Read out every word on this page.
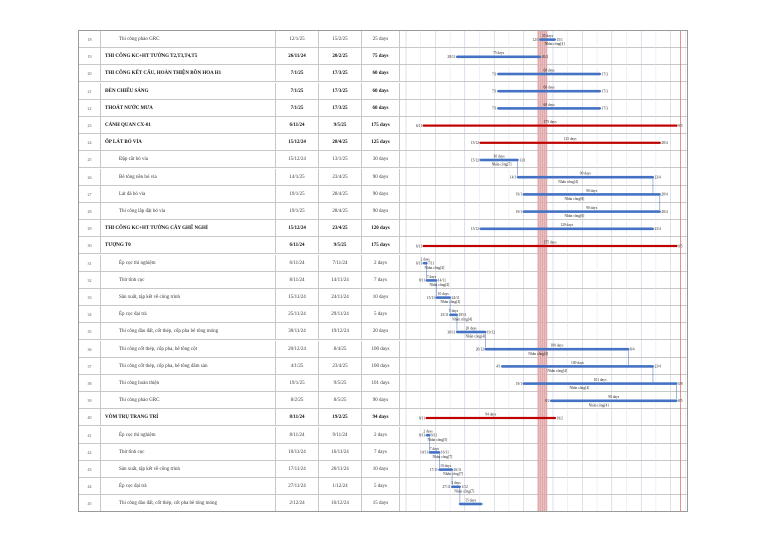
18	Thi công phào GRC	12/1/25	15/2/25	25 days
19	THI CÔNG KC+HT TƯỜNG T2,T3,T4,T5	26/11/24	20/2/25	75 days
20	THI CÔNG KẾT CẤU, HOÀN THIỆN BỒN HOA H1	7/1/25	17/3/25	60 days
21	ĐÈN CHIẾU SÁNG	7/1/25	17/3/25	60 days
22	THOÁT NƯỚC MƯA	7/1/25	17/3/25	60 days
23	CẢNH QUAN CX-01	6/11/24	9/5/25	175 days
24	ỐP LÁT BÓ VỈA	15/12/24	28/4/25	125 days
25	Đập cắt bó vỉa	15/12/24	13/1/25	30 days
26	Bê tông nền bó vỉa	14/1/25	23/4/25	90 days
27	Lát đá bó vỉa	19/1/25	28/4/25	90 days
28	Thi công lắp đặt bó vỉa	19/1/25	28/4/25	90 days
29	THI CÔNG KC+HT TƯỜNG CÂY GHẾ NGHỈ	15/12/24	23/4/25	120 days
30	TƯỢNG T0	6/11/24	9/5/25	175 days
31	Ép cọc thí nghiệm	6/11/24	7/11/24	2 days
32	Thử tĩnh cọc	8/11/24	14/11/24	7 days
33	Sản xuất, tập kết về công trình	15/11/24	24/11/24	10 days
34	Ép cọc đại trà	25/11/24	29/11/24	5 days
35	Thi công đào đất, cốt thép, cốp pha bê tông móng	30/11/24	19/12/24	20 days
36	Thi công cốt thép, cốp pha, bê tông cột	20/12/24	8/4/25	100 days
37	Thi công cốt thép, cốp pha, bê tông dầm sàn	4/1/25	23/4/25	100 days
38	Thi công hoàn thiện	19/1/25	9/5/25	101 days
39	Thi công phào GRC	8/2/25	8/5/25	90 days
40	VÒM TRỤ TRANG TRÍ	8/11/24	19/2/25	94 days
41	Ép cọc thí nghiệm	8/11/24	9/11/24	2 days
42	Thử tĩnh cọc	10/11/24	16/11/24	7 days
43	Sản xuất, tập kết về công trình	17/11/24	26/11/24	10 days
44	Ép cọc đại trà	27/11/24	1/12/24	5 days
45	Thi công đào đất, cốt thép, cốt pha bê tông móng	2/12/24	16/12/24	15 days
12/1	15/1
35 days
Nhân công[4]
28/11	20/2
75 days
7/1	17/3
60 days
7/1	17/3
60 days
7/1	17/3
60 days
6/11	9/5
175 days
15/12	28/4
125 days
15/12	13/1
30 days
Nhân công[7]
14/1	23/4
90 days
Nhân công[4]
19/1	28/4
90 days
Nhân công[6]
19/1	28/4
90 days
Nhân công[6]
15/12	23/4
120 days
6/11	9/5
175 days
6/11 7/11
2 days
Nhân công[4]
8/11	14/11
7 days
Nhân công[4]
15/11	24/11
10 days
Nhân công[4]
25/11	29/11
5 days
Nhân công[4]
30/11	19/12
20 days
Nhân công[4]
20/12	8/4
100 days
Nhân công[4]
4/1	23/4
100 days
Nhân công[4]
19/1	5/8
101 days
Nhân công[4]
8/2	8/5
90 days
Nhân công[4]
8/11	19/2
94 days
8/11 9/11
2 days
Nhân công[5]
10/11	16/11
7 days
Nhân công[7]
17/11	26/11
10 days
Nhân công[7]
27/11	1/12
5 days
Nhân công[7]
15 days
